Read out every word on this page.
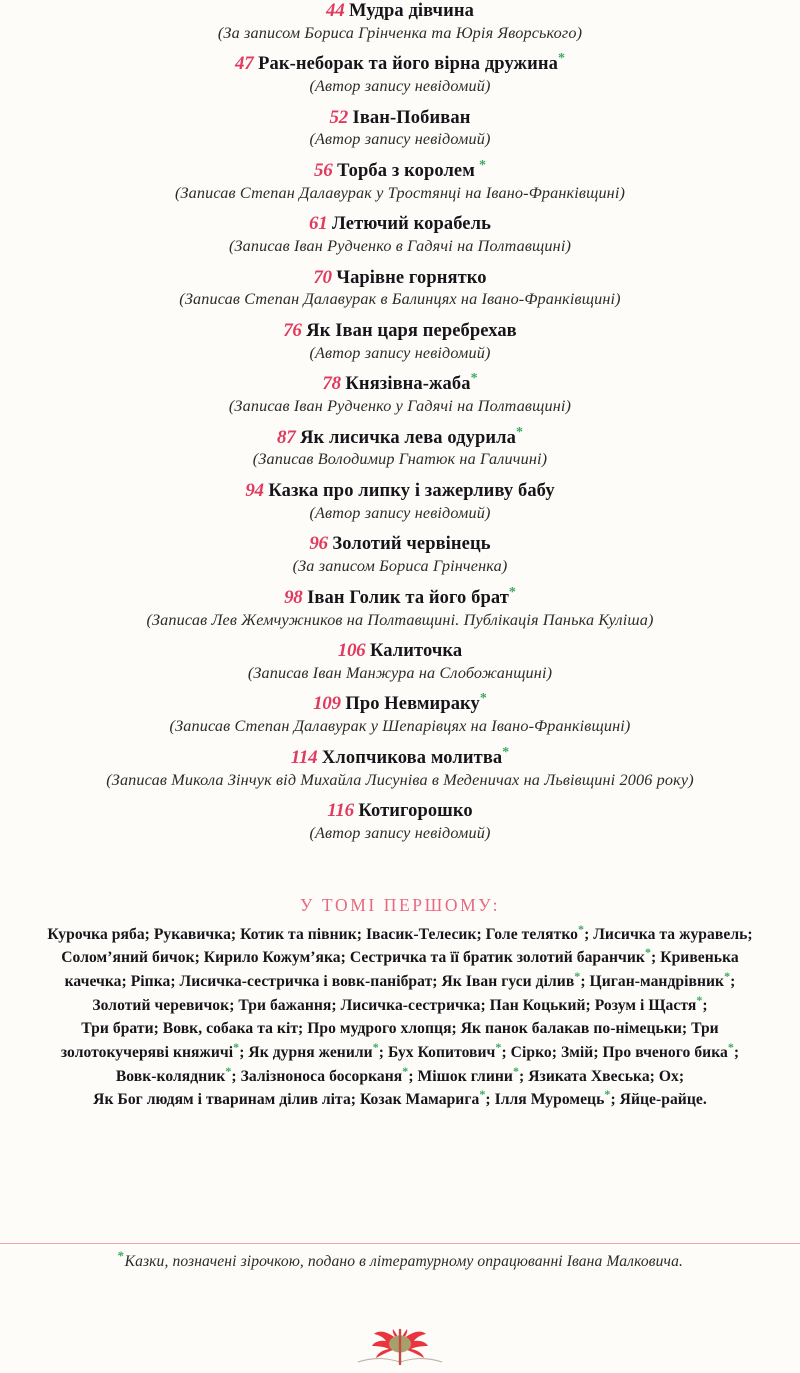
44 Мудра дівчина
(За записом Бориса Грінченка та Юрія Яворського)
47 Рак-неборак та його вірна дружина*
(Автор запису невідомий)
52 Іван-Побиван
(Автор запису невідомий)
56 Торба з королем *
(Записав Степан Далавурак у Тростянці на Івано-Франківщині)
61 Летючий корабель
(Записав Іван Рудченко в Гадячі на Полтавщині)
70 Чарівне горнятко
(Записав Степан Далавурак в Балинцях на Івано-Франківщині)
76 Як Іван царя перебрехав
(Автор запису невідомий)
78 Князівна-жаба*
(Записав Іван Рудченко у Гадячі на Полтавщині)
87 Як лисичка лева одурила*
(Записав Володимир Гнатюк на Галичині)
94 Казка про липку і зажерливу бабу
(Автор запису невідомий)
96 Золотий червінець
(За записом Бориса Грінченка)
98 Іван Голик та його брат*
(Записав Лев Жемчужников на Полтавщині. Публікація Панька Куліша)
106 Калиточка
(Записав Іван Манжура на Слобожанщині)
109 Про Невмираку*
(Записав Степан Далавурак у Шепарівцях на Івано-Франківщині)
114 Хлопчикова молитва*
(Записав Микола Зінчук від Михайла Лисуніва в Меденичах на Львівщині 2006 року)
116 Котигорошко
(Автор запису невідомий)
У ТОМІ ПЕРШОМУ:
Курочка ряба; Рукавичка; Котик та півник; Івасик-Телесик; Голе телятко*; Лисичка та журавель;
Солом’яний бичок; Кирило Кожум’яка; Сестричка та її братик золотий баранчик*; Кривенька
качечка; Ріпка; Лисичка-сестричка і вовк-панібрат; Як Іван гуси ділив*; Циган-мандрівник*;
Золотий черевичок; Три бажання; Лисичка-сестричка; Пан Коцький; Розум і Щастя*;
Три брати; Вовк, собака та кіт; Про мудрого хлопця; Як панок балакав по-німецьки; Три
золотокучеряві княжичі*; Як дурня женили*; Бух Копитович*; Сірко; Змій; Про вченого бика*;
Вовк-колядник*; Залізноноса босорканя*; Мішок глини*; Язиката Хвеська; Ох;
Як Бог людям і тваринам ділив літа; Козак Мамарига*; Ілля Муромець*; Яйце-райце.
*Казки, позначені зірочкою, подано в літературному опрацюванні Івана Малковича.
